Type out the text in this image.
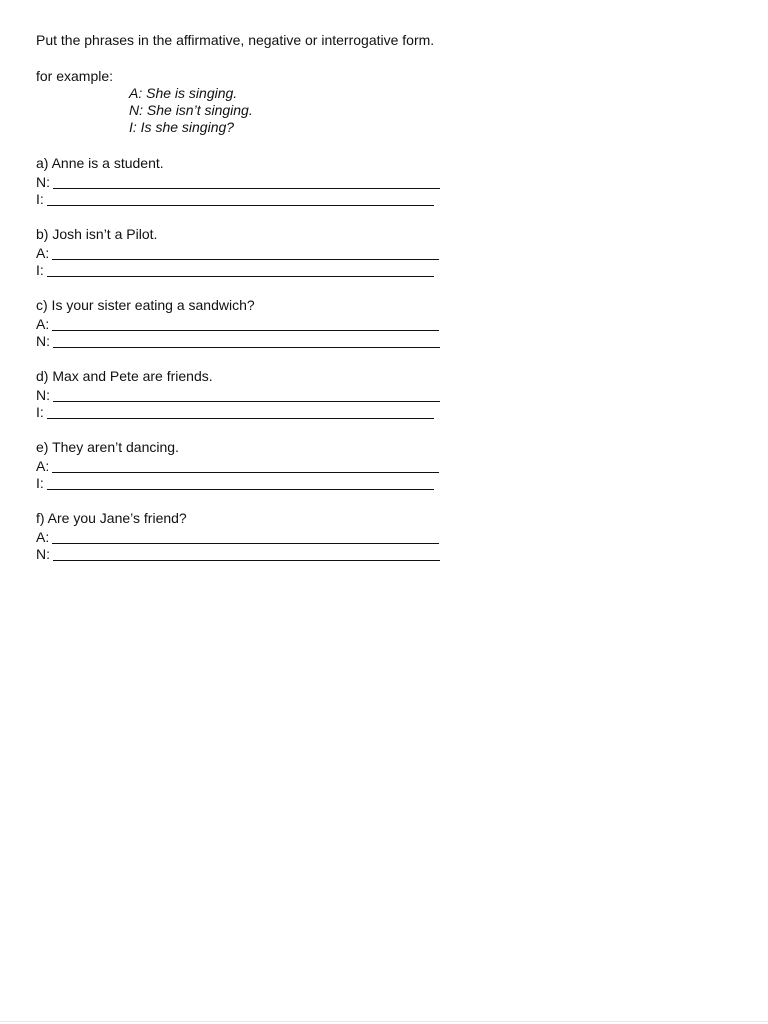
Put the phrases in the affirmative, negative or interrogative form.

for example:
A: She is singing.
N: She isn’t singing.
I: Is she singing?
a) Anne is a student.
N:
I:
b) Josh isn’t a Pilot.
A:
I:
c) Is your sister eating a sandwich?
A:
N:
d) Max and Pete are friends.
N:
I:
e) They aren’t dancing.
A:
I:
f) Are you Jane’s friend?
A:
N:
